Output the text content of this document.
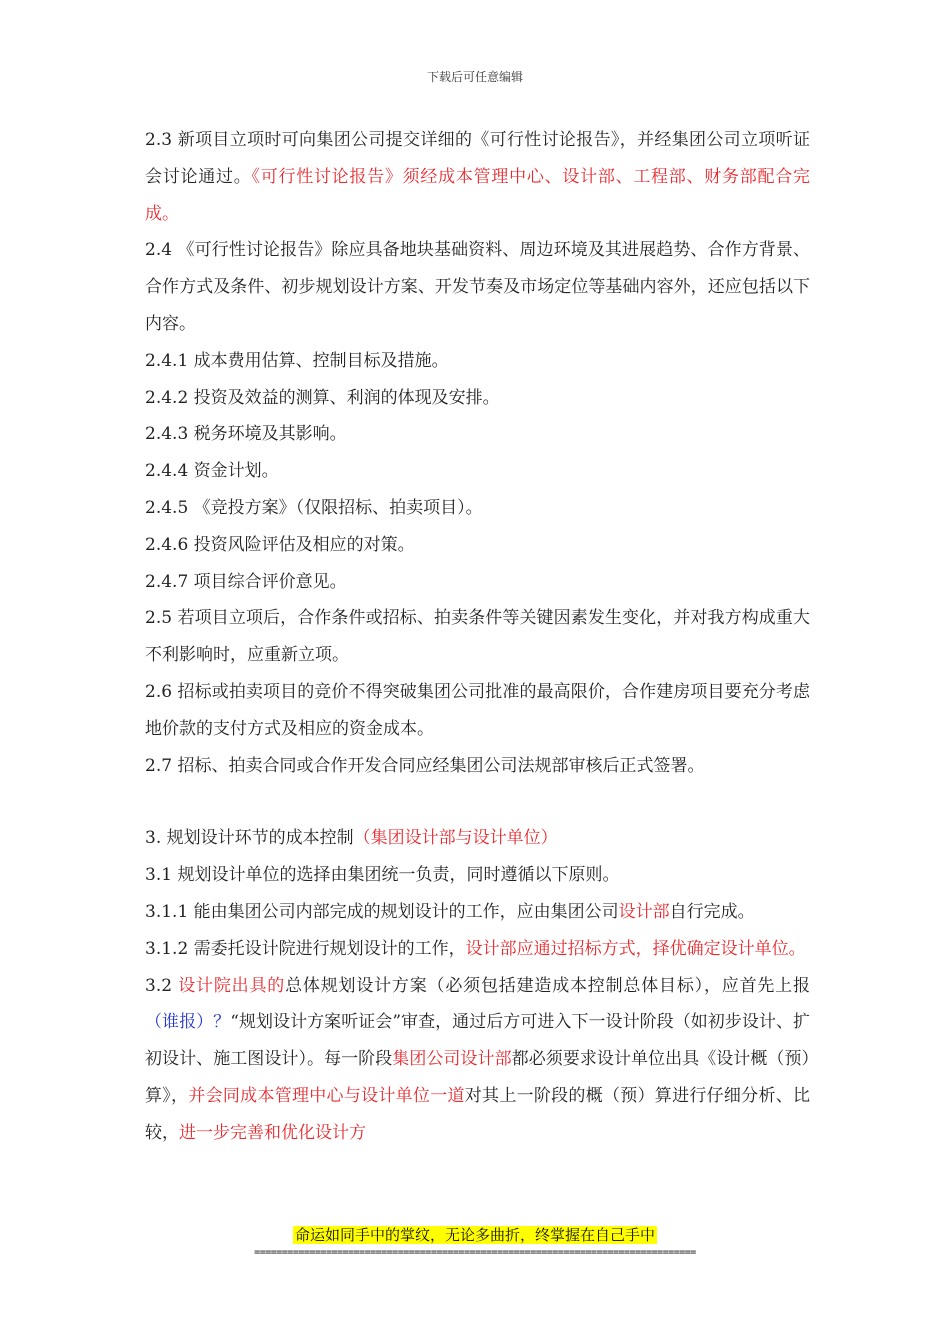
下载后可任意编辑

2.3 新项目立项时可向集团公司提交详细的《可行性讨论报告》，并经集团公司立项听证会讨论通过。《可行性讨论报告》须经成本管理中心、设计部、工程部、财务部配合完成。

2.4 《可行性讨论报告》除应具备地块基础资料、周边环境及其进展趋势、合作方背景、合作方式及条件、初步规划设计方案、开发节奏及市场定位等基础内容外，还应包括以下内容。

2.4.1 成本费用估算、控制目标及措施。

2.4.2 投资及效益的测算、利润的体现及安排。

2.4.3 税务环境及其影响。

2.4.4 资金计划。

2.4.5 《竞投方案》（仅限招标、拍卖项目）。

2.4.6 投资风险评估及相应的对策。

2.4.7 项目综合评价意见。

2.5 若项目立项后，合作条件或招标、拍卖条件等关键因素发生变化，并对我方构成重大不利影响时，应重新立项。

2.6 招标或拍卖项目的竞价不得突破集团公司批准的最高限价，合作建房项目要充分考虑地价款的支付方式及相应的资金成本。

2.7 招标、拍卖合同或合作开发合同应经集团公司法规部审核后正式签署。

3. 规划设计环节的成本控制（集团设计部与设计单位）

3.1 规划设计单位的选择由集团统一负责，同时遵循以下原则。

3.1.1 能由集团公司内部完成的规划设计的工作，应由集团公司设计部自行完成。

3.1.2 需委托设计院进行规划设计的工作，设计部应通过招标方式，择优确定设计单位。

3.2 设计院出具的总体规划设计方案（必须包括建造成本控制总体目标），应首先上报（谁报）？“规划设计方案听证会”审查，通过后方可进入下一设计阶段（如初步设计、扩初设计、施工图设计）。每一阶段集团公司设计部都必须要求设计单位出具《设计概（预）算》，并会同成本管理中心与设计单位一道对其上一阶段的概（预）算进行仔细分析、比较，进一步完善和优化设计方

命运如同手中的掌纹，无论多曲折，终掌握在自己手中
================================================================================
